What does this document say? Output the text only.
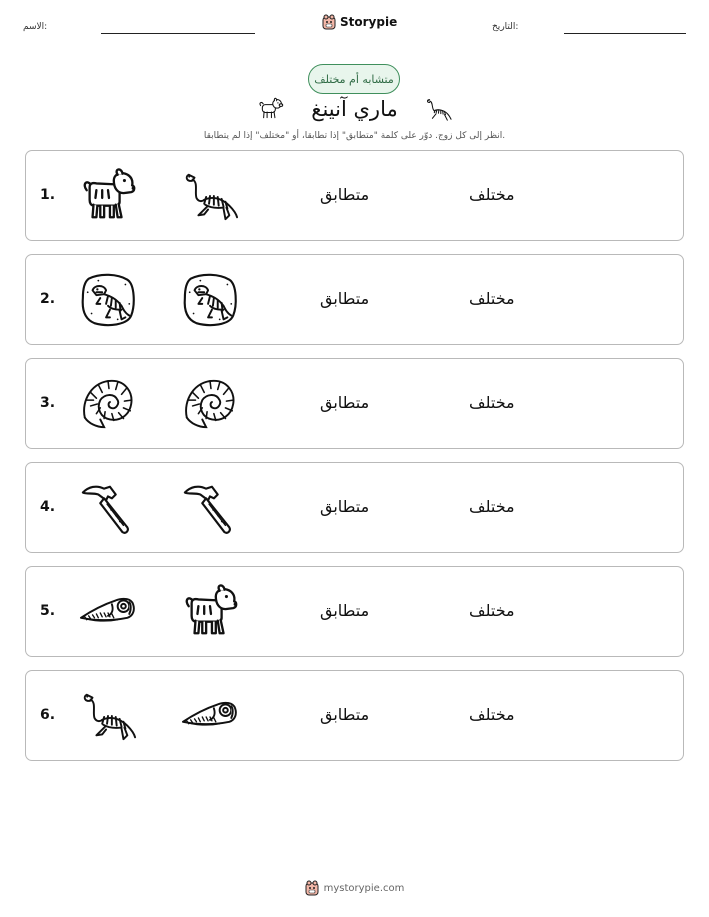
الاسم:	Storypie	التاريخ:
متشابه أم مختلف
ماري آنينغ
انظر إلى كل زوج. دوّر على كلمة "متطابق" إذا تطابقا، أو "مختلف" إذا لم يتطابقا.
1.	متطابق	مختلف
2.	متطابق	مختلف
3.	متطابق	مختلف
4.	متطابق	مختلف
5.	متطابق	مختلف
6.	متطابق	مختلف
mystorypie.com
